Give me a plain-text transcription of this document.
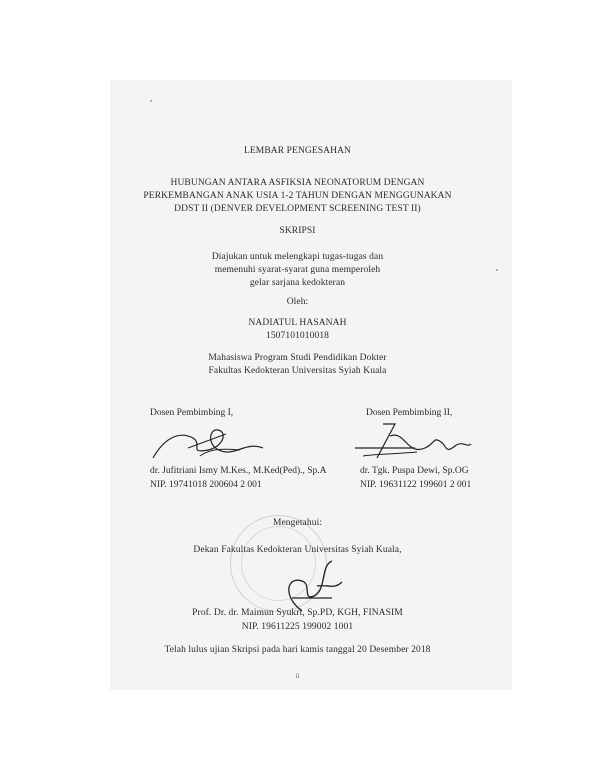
LEMBAR PENGESAHAN
HUBUNGAN ANTARA ASFIKSIA NEONATORUM DENGAN
PERKEMBANGAN ANAK USIA 1-2 TAHUN DENGAN MENGGUNAKAN
DDST II (DENVER DEVELOPMENT SCREENING TEST II)
SKRIPSI
Diajukan untuk melengkapi tugas-tugas dan
memenuhi syarat-syarat guna memperoleh
gelar sarjana kedokteran
Oleh:
NADIATUL HASANAH
1507101010018
Mahasiswa Program Studi Pendidikan Dokter
Fakultas Kedokteran Universitas Syiah Kuala
Dosen Pembimbing I,
dr. Jufitriani Ismy M.Kes., M.Ked(Ped)., Sp.A
NIP. 19741018 200604 2 001
Dosen Pembimbing II,
dr. Tgk. Puspa Dewi, Sp.OG
NIP. 19631122 199601 2 001
Mengetahui:
Dekan Fakultas Kedokteran Universitas Syiah Kuala,
Prof. Dr. dr. Maimun Syukri, Sp.PD, KGH, FINASIM
NIP. 19611225 199002 1001
Telah lulus ujian Skripsi pada hari kamis tanggal 20 Desember 2018
ii
